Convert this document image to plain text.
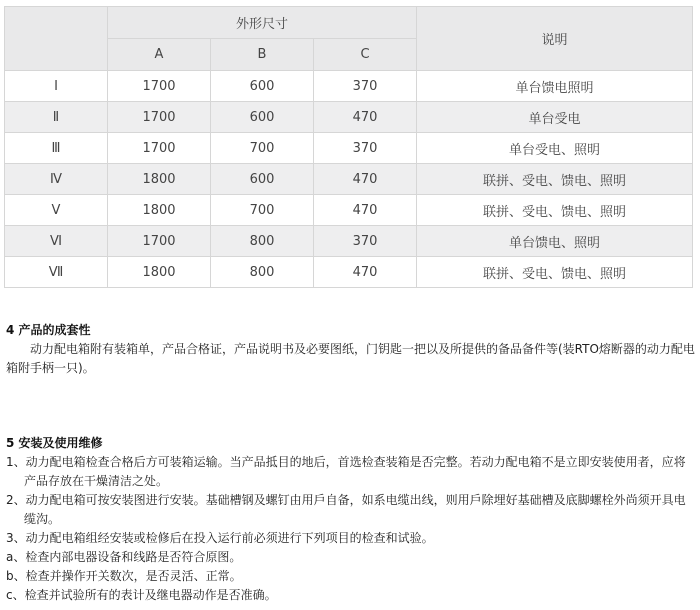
	外形尺寸			说明
	A	B	C	
Ⅰ	1700	600	370	单台馈电照明
Ⅱ	1700	600	470	单台受电
Ⅲ	1700	700	370	单台受电、照明
Ⅳ	1800	600	470	联拼、受电、馈电、照明
Ⅴ	1800	700	470	联拼、受电、馈电、照明
Ⅵ	1700	800	370	单台馈电、照明
Ⅶ	1800	800	470	联拼、受电、馈电、照明

4 产品的成套性

动力配电箱附有装箱单，产品合格证，产品说明书及必要图纸，门钥匙一把以及所提供的备品备件等(装RTO熔断器的动力配电箱附手柄一只)。

5 安装及使用维修

1、动力配电箱检查合格后方可装箱运输。当产品抵目的地后，首选检查装箱是否完整。若动力配电箱不是立即安装使用者，应将产品存放在干燥清洁之处。

2、动力配电箱可按安装图进行安装。基础槽钢及螺钉由用戶自备，如系电缆出线，则用戶除埋好基础槽及底脚螺栓外尚须开具电缆沟。

3、动力配电箱组经安装或检修后在投入运行前必须进行下列项目的检查和试验。

a、检查内部电器设备和线路是否符合原图。

b、检查并操作开关数次，是否灵活、正常。

c、检查并试验所有的表计及继电器动作是否准确。
